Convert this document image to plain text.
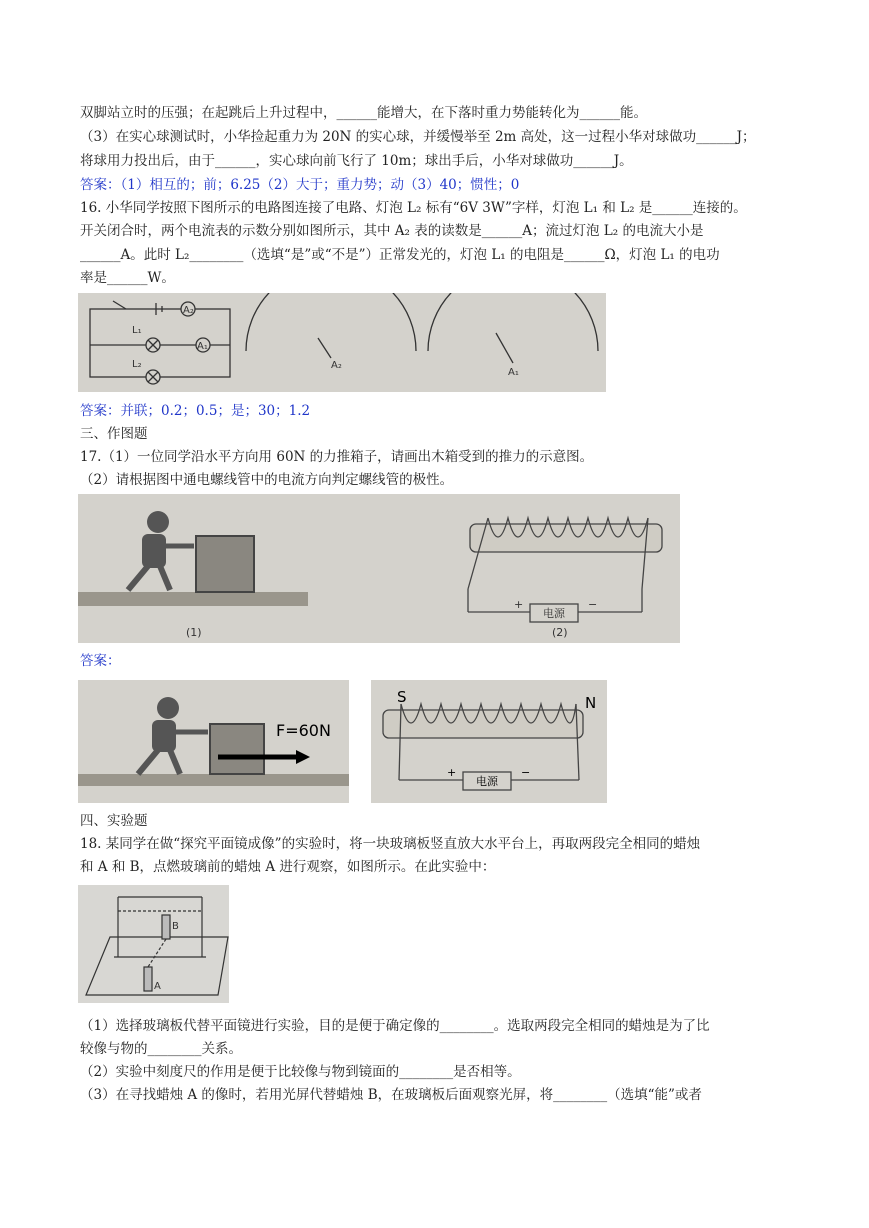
双脚站立时的压强；在起跳后上升过程中，______能增大，在下落时重力势能转化为______能。
（3）在实心球测试时，小华捡起重力为 20N 的实心球，并缓慢举至 2m 高处，这一过程小华对球做功______J；
将球用力投出后，由于______，实心球向前飞行了 10m；球出手后，小华对球做功______J。
答案：（1）相互的；前；6.25（2）大于；重力势；动（3）40；惯性；0
16. 小华同学按照下图所示的电路图连接了电路、灯泡 L₂ 标有“6V 3W”字样，灯泡 L₁ 和 L₂ 是______连接的。
开关闭合时，两个电流表的示数分别如图所示，其中 A₂ 表的读数是______A；流过灯泡 L₂ 的电流大小是
______A。此时 L₂________（选填“是”或“不是”）正常发光的，灯泡 L₁ 的电阻是______Ω，灯泡 L₁ 的电功
率是______W。
L₁
L₂
A₂
A₁
A₂
A₁
答案：并联；0.2；0.5；是；30；1.2
三、作图题
17.（1）一位同学沿水平方向用 60N 的力推箱子，请画出木箱受到的推力的示意图。
（2）请根据图中通电螺线管中的电流方向判定螺线管的极性。
电源
+	−
(1)	(2)
答案：
F=60N
S	N
电源
+	−
四、实验题
18. 某同学在做“探究平面镜成像”的实验时，将一块玻璃板竖直放大水平台上，再取两段完全相同的蜡烛
和 A 和 B，点燃玻璃前的蜡烛 A 进行观察，如图所示。在此实验中：
B
A
（1）选择玻璃板代替平面镜进行实验，目的是便于确定像的________。选取两段完全相同的蜡烛是为了比
较像与物的________关系。
（2）实验中刻度尺的作用是便于比较像与物到镜面的________是否相等。
（3）在寻找蜡烛 A 的像时，若用光屏代替蜡烛 B，在玻璃板后面观察光屏，将________（选填“能”或者
